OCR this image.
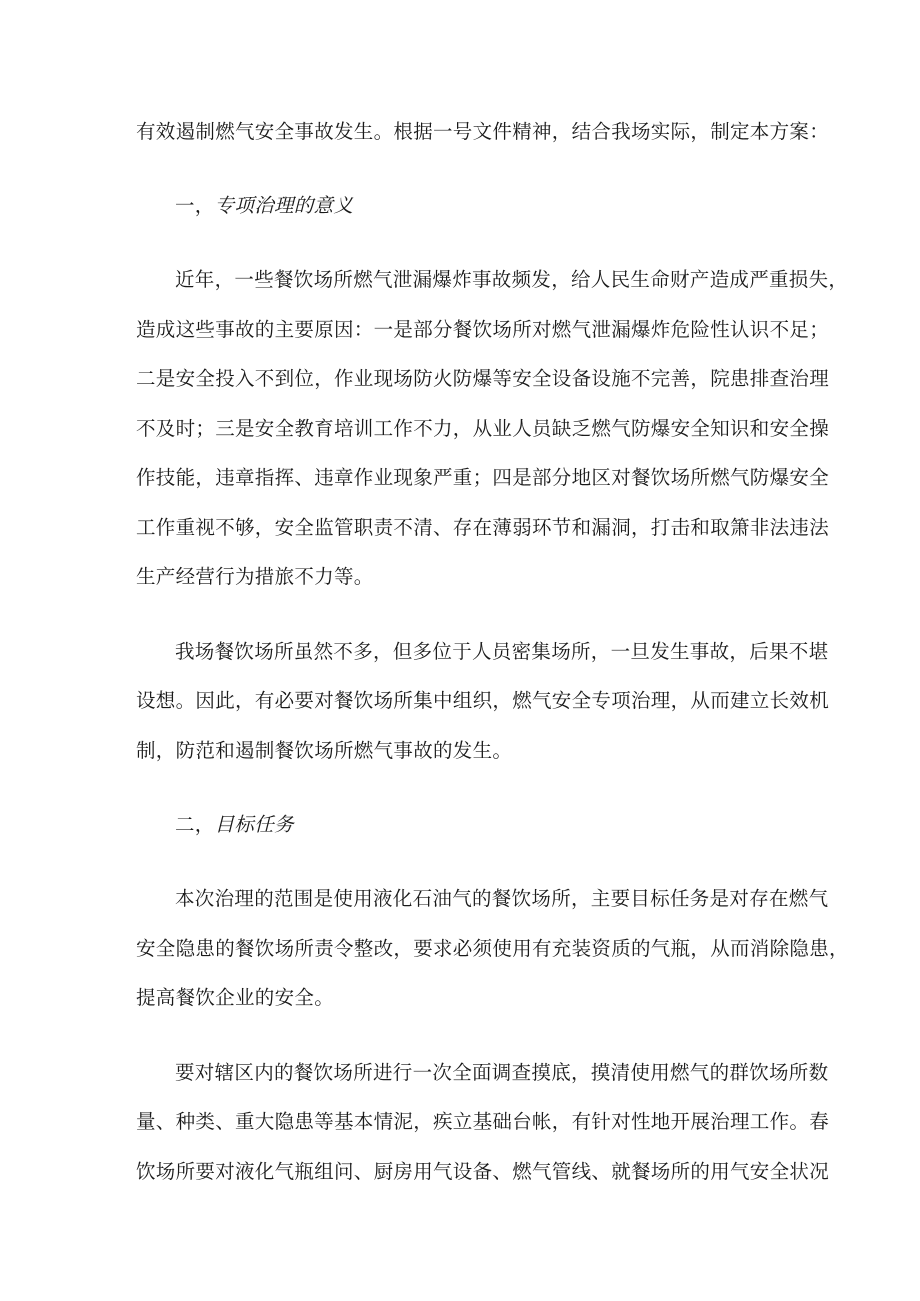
有效遏制燃气安全事故发生。根据一号文件精神，结合我场实际，制定本方案：
一，专项治理的意义
近年，一些餐饮场所燃气泄漏爆炸事故频发，给人民生命财产造成严重损失，
造成这些事故的主要原因：一是部分餐饮场所对燃气泄漏爆炸危险性认识不足；
二是安全投入不到位，作业现场防火防爆等安全设备设施不完善，院患排查治理
不及时；三是安全教育培训工作不力，从业人员缺乏燃气防爆安全知识和安全操
作技能，违章指挥、违章作业现象严重；四是部分地区对餐饮场所燃气防爆安全
工作重视不够，安全监管职责不清、存在薄弱环节和漏洞，打击和取箫非法违法
生产经营行为措旅不力等。
我场餐饮场所虽然不多，但多位于人员密集场所，一旦发生事故，后果不堪
设想。因此，有必要对餐饮场所集中组织，燃气安全专项治理，从而建立长效机
制，防范和遏制餐饮场所燃气事故的发生。
二，目标任务
本次治理的范围是使用液化石油气的餐饮场所，主要目标任务是对存在燃气
安全隐患的餐饮场所责令整改，要求必须使用有充装资质的气瓶，从而消除隐患，
提高餐饮企业的安全。
要对辖区内的餐饮场所进行一次全面调查摸底，摸清使用燃气的群饮场所数
量、种类、重大隐患等基本情泥，疾立基础台帐，有针对性地开展治理工作。春
饮场所要对液化气瓶组问、厨房用气设备、燃气管线、就餐场所的用气安全状况
